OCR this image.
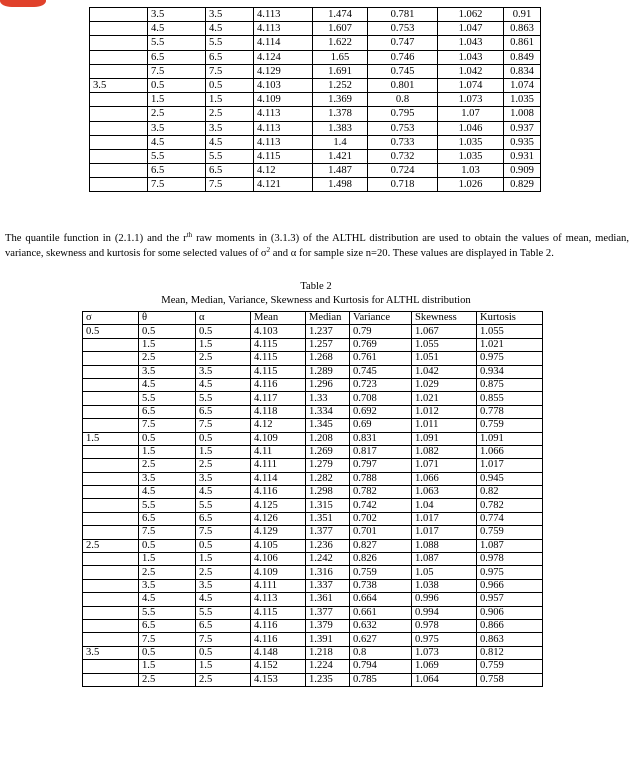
	3.5	3.5	4.113	1.474	0.781	1.062	0.91
	4.5	4.5	4.113	1.607	0.753	1.047	0.863
	5.5	5.5	4.114	1.622	0.747	1.043	0.861
	6.5	6.5	4.124	1.65	0.746	1.043	0.849
	7.5	7.5	4.129	1.691	0.745	1.042	0.834
3.5	0.5	0.5	4.103	1.252	0.801	1.074	1.074
	1.5	1.5	4.109	1.369	0.8	1.073	1.035
	2.5	2.5	4.113	1.378	0.795	1.07	1.008
	3.5	3.5	4.113	1.383	0.753	1.046	0.937
	4.5	4.5	4.113	1.4	0.733	1.035	0.935
	5.5	5.5	4.115	1.421	0.732	1.035	0.931
	6.5	6.5	4.12	1.487	0.724	1.03	0.909
	7.5	7.5	4.121	1.498	0.718	1.026	0.829
The quantile function in (2.1.1) and the $r^{th}$ raw moments in (3.1.3) of the ALTHL distribution are used to obtain the values of mean, median, variance, skewness and kurtosis for some selected values of $\sigma^2$ and α for sample size n=20. These values are displayed in Table 2.
Table 2
Mean, Median, Variance, Skewness and Kurtosis for ALTHL distribution
σ	θ	α	Mean	Median	Variance	Skewness	Kurtosis
0.5	0.5	0.5	4.103	1.237	0.79	1.067	1.055
	1.5	1.5	4.115	1.257	0.769	1.055	1.021
	2.5	2.5	4.115	1.268	0.761	1.051	0.975
	3.5	3.5	4.115	1.289	0.745	1.042	0.934
	4.5	4.5	4.116	1.296	0.723	1.029	0.875
	5.5	5.5	4.117	1.33	0.708	1.021	0.855
	6.5	6.5	4.118	1.334	0.692	1.012	0.778
	7.5	7.5	4.12	1.345	0.69	1.011	0.759
1.5	0.5	0.5	4.109	1.208	0.831	1.091	1.091
	1.5	1.5	4.11	1.269	0.817	1.082	1.066
	2.5	2.5	4.111	1.279	0.797	1.071	1.017
	3.5	3.5	4.114	1.282	0.788	1.066	0.945
	4.5	4.5	4.116	1.298	0.782	1.063	0.82
	5.5	5.5	4.125	1.315	0.742	1.04	0.782
	6.5	6.5	4.126	1.351	0.702	1.017	0.774
	7.5	7.5	4.129	1.377	0.701	1.017	0.759
2.5	0.5	0.5	4.105	1.236	0.827	1.088	1.087
	1.5	1.5	4.106	1.242	0.826	1.087	0.978
	2.5	2.5	4.109	1.316	0.759	1.05	0.975
	3.5	3.5	4.111	1.337	0.738	1.038	0.966
	4.5	4.5	4.113	1.361	0.664	0.996	0.957
	5.5	5.5	4.115	1.377	0.661	0.994	0.906
	6.5	6.5	4.116	1.379	0.632	0.978	0.866
	7.5	7.5	4.116	1.391	0.627	0.975	0.863
3.5	0.5	0.5	4.148	1.218	0.8	1.073	0.812
	1.5	1.5	4.152	1.224	0.794	1.069	0.759
	2.5	2.5	4.153	1.235	0.785	1.064	0.758
